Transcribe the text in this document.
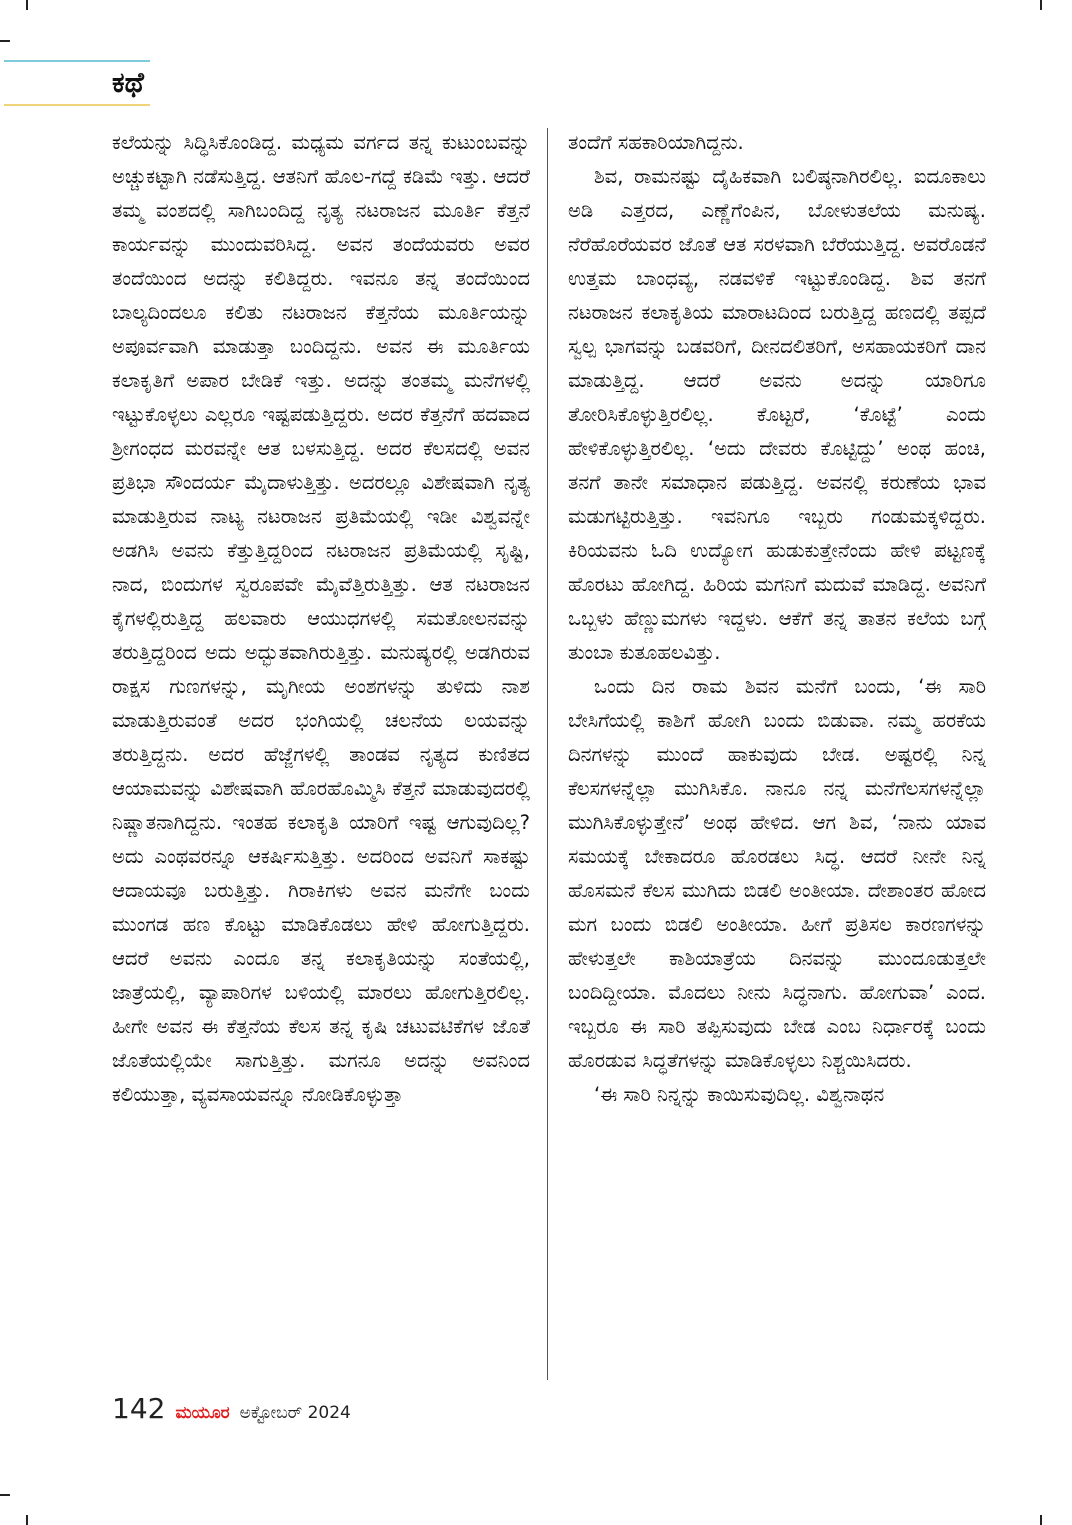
ಕಥೆ

ಕಲೆಯನ್ನು ಸಿದ್ಧಿಸಿಕೊಂಡಿದ್ದ. ಮಧ್ಯಮ ವರ್ಗದ ತನ್ನ ಕುಟುಂಬವನ್ನು ಅಚ್ಚುಕಟ್ಟಾಗಿ ನಡೆಸುತ್ತಿದ್ದ. ಆತನಿಗೆ ಹೊಲ-ಗದ್ದೆ ಕಡಿಮೆ ಇತ್ತು. ಆದರೆ ತಮ್ಮ ವಂಶದಲ್ಲಿ ಸಾಗಿಬಂದಿದ್ದ ನೃತ್ಯ ನಟರಾಜನ ಮೂರ್ತಿ ಕೆತ್ತನೆ ಕಾರ್ಯವನ್ನು ಮುಂದುವರಿಸಿದ್ದ. ಅವನ ತಂದೆಯವರು ಅವರ ತಂದೆಯಿಂದ ಅದನ್ನು ಕಲಿತಿದ್ದರು. ಇವನೂ ತನ್ನ ತಂದೆಯಿಂದ ಬಾಲ್ಯದಿಂದಲೂ ಕಲಿತು ನಟರಾಜನ ಕೆತ್ತನೆಯ ಮೂರ್ತಿಯನ್ನು ಅಪೂರ್ವವಾಗಿ ಮಾಡುತ್ತಾ ಬಂದಿದ್ದನು. ಅವನ ಈ ಮೂರ್ತಿಯ ಕಲಾಕೃತಿಗೆ ಅಪಾರ ಬೇಡಿಕೆ ಇತ್ತು. ಅದನ್ನು ತಂತಮ್ಮ ಮನೆಗಳಲ್ಲಿ ಇಟ್ಟುಕೊಳ್ಳಲು ಎಲ್ಲರೂ ಇಷ್ಟಪಡುತ್ತಿದ್ದರು. ಅದರ ಕೆತ್ತನೆಗೆ ಹದವಾದ ಶ್ರೀಗಂಧದ ಮರವನ್ನೇ ಆತ ಬಳಸುತ್ತಿದ್ದ. ಅದರ ಕೆಲಸದಲ್ಲಿ ಅವನ ಪ್ರತಿಭಾ ಸೌಂದರ್ಯ ಮೈದಾಳುತ್ತಿತ್ತು. ಅದರಲ್ಲೂ ವಿಶೇಷವಾಗಿ ನೃತ್ಯ ಮಾಡುತ್ತಿರುವ ನಾಟ್ಯ ನಟರಾಜನ ಪ್ರತಿಮೆಯಲ್ಲಿ ಇಡೀ ವಿಶ್ವವನ್ನೇ ಅಡಗಿಸಿ ಅವನು ಕೆತ್ತುತ್ತಿದ್ದರಿಂದ ನಟರಾಜನ ಪ್ರತಿಮೆಯಲ್ಲಿ ಸೃಷ್ಟಿ, ನಾದ, ಬಿಂದುಗಳ ಸ್ವರೂಪವೇ ಮೈವೆತ್ತಿರುತ್ತಿತ್ತು. ಆತ ನಟರಾಜನ ಕೈಗಳಲ್ಲಿರುತ್ತಿದ್ದ ಹಲವಾರು ಆಯುಧಗಳಲ್ಲಿ ಸಮತೋಲನವನ್ನು ತರುತ್ತಿದ್ದರಿಂದ ಅದು ಅದ್ಭುತವಾಗಿರುತ್ತಿತ್ತು. ಮನುಷ್ಯರಲ್ಲಿ ಅಡಗಿರುವ ರಾಕ್ಷಸ ಗುಣಗಳನ್ನು, ಮೃಗೀಯ ಅಂಶಗಳನ್ನು ತುಳಿದು ನಾಶ ಮಾಡುತ್ತಿರುವಂತೆ ಅದರ ಭಂಗಿಯಲ್ಲಿ ಚಲನೆಯ ಲಯವನ್ನು ತರುತ್ತಿದ್ದನು. ಅದರ ಹೆಜ್ಜೆಗಳಲ್ಲಿ ತಾಂಡವ ನೃತ್ಯದ ಕುಣಿತದ ಆಯಾಮವನ್ನು ವಿಶೇಷವಾಗಿ ಹೊರಹೊಮ್ಮಿಸಿ ಕೆತ್ತನೆ ಮಾಡುವುದರಲ್ಲಿ ನಿಷ್ಣಾತನಾಗಿದ್ದನು. ಇಂತಹ ಕಲಾಕೃತಿ ಯಾರಿಗೆ ಇಷ್ಟ ಆಗುವುದಿಲ್ಲ? ಅದು ಎಂಥವರನ್ನೂ ಆಕರ್ಷಿಸುತ್ತಿತ್ತು. ಅದರಿಂದ ಅವನಿಗೆ ಸಾಕಷ್ಟು ಆದಾಯವೂ ಬರುತ್ತಿತ್ತು. ಗಿರಾಕಿಗಳು ಅವನ ಮನೆಗೇ ಬಂದು ಮುಂಗಡ ಹಣ ಕೊಟ್ಟು ಮಾಡಿಕೊಡಲು ಹೇಳಿ ಹೋಗುತ್ತಿದ್ದರು. ಆದರೆ ಅವನು ಎಂದೂ ತನ್ನ ಕಲಾಕೃತಿಯನ್ನು ಸಂತೆಯಲ್ಲಿ, ಜಾತ್ರೆಯಲ್ಲಿ, ವ್ಯಾಪಾರಿಗಳ ಬಳಿಯಲ್ಲಿ ಮಾರಲು ಹೋಗುತ್ತಿರಲಿಲ್ಲ. ಹೀಗೇ ಅವನ ಈ ಕೆತ್ತನೆಯ ಕೆಲಸ ತನ್ನ ಕೃಷಿ ಚಟುವಟಿಕೆಗಳ ಜೊತೆ ಜೊತೆಯಲ್ಲಿಯೇ ಸಾಗುತ್ತಿತ್ತು. ಮಗನೂ ಅದನ್ನು ಅವನಿಂದ ಕಲಿಯುತ್ತಾ, ವ್ಯವಸಾಯವನ್ನೂ ನೋಡಿಕೊಳ್ಳುತ್ತಾ

ತಂದೆಗೆ ಸಹಕಾರಿಯಾಗಿದ್ದನು.

ಶಿವ, ರಾಮನಷ್ಟು ದೈಹಿಕವಾಗಿ ಬಲಿಷ್ಠನಾಗಿರಲಿಲ್ಲ. ಐದೂಕಾಲು ಅಡಿ ಎತ್ತರದ, ಎಣ್ಣೆಗೆಂಪಿನ, ಬೋಳುತಲೆಯ ಮನುಷ್ಯ. ನೆರೆಹೊರೆಯವರ ಜೊತೆ ಆತ ಸರಳವಾಗಿ ಬೆರೆಯುತ್ತಿದ್ದ. ಅವರೊಡನೆ ಉತ್ತಮ ಬಾಂಧವ್ಯ, ನಡವಳಿಕೆ ಇಟ್ಟುಕೊಂಡಿದ್ದ. ಶಿವ ತನಗೆ ನಟರಾಜನ ಕಲಾಕೃತಿಯ ಮಾರಾಟದಿಂದ ಬರುತ್ತಿದ್ದ ಹಣದಲ್ಲಿ ತಪ್ಪದೆ ಸ್ವಲ್ಪ ಭಾಗವನ್ನು ಬಡವರಿಗೆ, ದೀನದಲಿತರಿಗೆ, ಅಸಹಾಯಕರಿಗೆ ದಾನ ಮಾಡುತ್ತಿದ್ದ. ಆದರೆ ಅವನು ಅದನ್ನು ಯಾರಿಗೂ ತೋರಿಸಿಕೊಳ್ಳುತ್ತಿರಲಿಲ್ಲ. ಕೊಟ್ಟರೆ, ‘ಕೊಟ್ಟೆ’ ಎಂದು ಹೇಳಿಕೊಳ್ಳುತ್ತಿರಲಿಲ್ಲ. ‘ಅದು ದೇವರು ಕೊಟ್ಟಿದ್ದು’ ಅಂಥ ಹಂಚಿ, ತನಗೆ ತಾನೇ ಸಮಾಧಾನ ಪಡುತ್ತಿದ್ದ. ಅವನಲ್ಲಿ ಕರುಣೆಯ ಭಾವ ಮಡುಗಟ್ಟಿರುತ್ತಿತ್ತು. ಇವನಿಗೂ ಇಬ್ಬರು ಗಂಡುಮಕ್ಕಳಿದ್ದರು. ಕಿರಿಯವನು ಓದಿ ಉದ್ಯೋಗ ಹುಡುಕುತ್ತೇನೆಂದು ಹೇಳಿ ಪಟ್ಟಣಕ್ಕೆ ಹೊರಟು ಹೋಗಿದ್ದ. ಹಿರಿಯ ಮಗನಿಗೆ ಮದುವೆ ಮಾಡಿದ್ದ. ಅವನಿಗೆ ಒಬ್ಬಳು ಹೆಣ್ಣುಮಗಳು ಇದ್ದಳು. ಆಕೆಗೆ ತನ್ನ ತಾತನ ಕಲೆಯ ಬಗ್ಗೆ ತುಂಬಾ ಕುತೂಹಲವಿತ್ತು.

ಒಂದು ದಿನ ರಾಮ ಶಿವನ ಮನೆಗೆ ಬಂದು, ‘ಈ ಸಾರಿ ಬೇಸಿಗೆಯಲ್ಲಿ ಕಾಶಿಗೆ ಹೋಗಿ ಬಂದು ಬಿಡುವಾ. ನಮ್ಮ ಹರಕೆಯ ದಿನಗಳನ್ನು ಮುಂದೆ ಹಾಕುವುದು ಬೇಡ. ಅಷ್ಟರಲ್ಲಿ ನಿನ್ನ ಕೆಲಸಗಳನ್ನೆಲ್ಲಾ ಮುಗಿಸಿಕೊ. ನಾನೂ ನನ್ನ ಮನೆಗೆಲಸಗಳನ್ನೆಲ್ಲಾ ಮುಗಿಸಿಕೊಳ್ಳುತ್ತೇನೆ’ ಅಂಥ ಹೇಳಿದ. ಆಗ ಶಿವ, ‘ನಾನು ಯಾವ ಸಮಯಕ್ಕೆ ಬೇಕಾದರೂ ಹೊರಡಲು ಸಿದ್ಧ. ಆದರೆ ನೀನೇ ನಿನ್ನ ಹೊಸಮನೆ ಕೆಲಸ ಮುಗಿದು ಬಿಡಲಿ ಅಂತೀಯಾ. ದೇಶಾಂತರ ಹೋದ ಮಗ ಬಂದು ಬಿಡಲಿ ಅಂತೀಯಾ. ಹೀಗೆ ಪ್ರತಿಸಲ ಕಾರಣಗಳನ್ನು ಹೇಳುತ್ತಲೇ ಕಾಶಿಯಾತ್ರೆಯ ದಿನವನ್ನು ಮುಂದೂಡುತ್ತಲೇ ಬಂದಿದ್ದೀಯಾ. ಮೊದಲು ನೀನು ಸಿದ್ಧನಾಗು. ಹೋಗುವಾ’ ಎಂದ. ಇಬ್ಬರೂ ಈ ಸಾರಿ ತಪ್ಪಿಸುವುದು ಬೇಡ ಎಂಬ ನಿರ್ಧಾರಕ್ಕೆ ಬಂದು ಹೊರಡುವ ಸಿದ್ಧತೆಗಳನ್ನು ಮಾಡಿಕೊಳ್ಳಲು ನಿಶ್ಚಯಿಸಿದರು.

‘ಈ ಸಾರಿ ನಿನ್ನನ್ನು ಕಾಯಿಸುವುದಿಲ್ಲ. ವಿಶ್ವನಾಥನ

142 ಮಯೂರ ಅಕ್ಟೋಬರ್ 2024
